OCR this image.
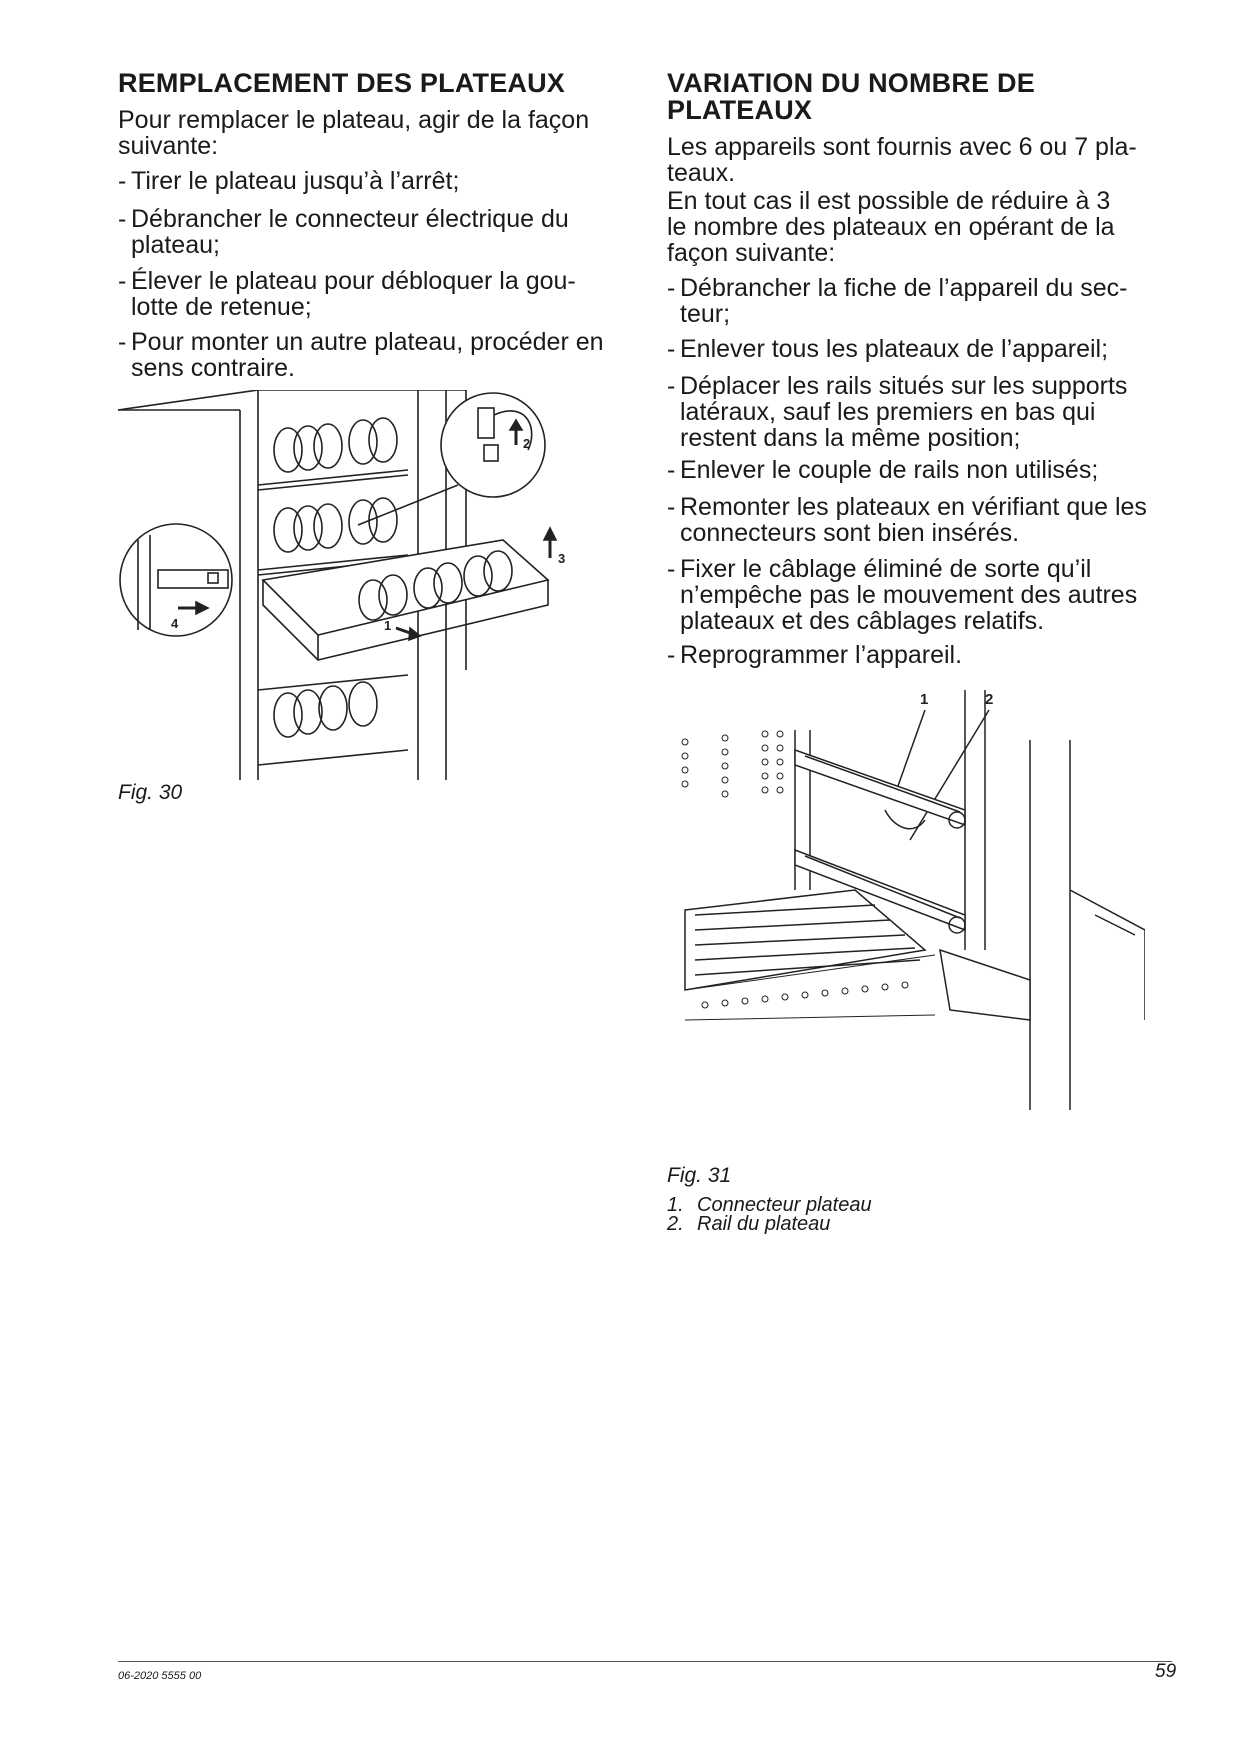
REMPLACEMENT DES PLATEAUX
Pour remplacer le plateau, agir de la façon
suivante:
- Tirer le plateau jusqu’à l’arrêt;
- Débrancher le connecteur électrique du
plateau;
- Élever le plateau pour débloquer la gou-
lotte de retenue;
- Pour monter un autre plateau, procéder en
sens contraire.
2
3
1
4
Fig. 30
VARIATION DU NOMBRE DE
PLATEAUX
Les appareils sont fournis avec 6 ou 7 pla-
teaux.
En tout cas il est possible de réduire à 3
le nombre des plateaux en opérant de la
façon suivante:
- Débrancher la fiche de l’appareil du sec-
teur;
- Enlever tous les plateaux de l’appareil;
- Déplacer les rails situés sur les supports
latéraux, sauf les premiers en bas qui
restent dans la même position;
- Enlever le couple de rails non utilisés;
- Remonter les plateaux en vérifiant que les
connecteurs sont bien insérés.
- Fixer le câblage éliminé de sorte qu’il
n’empêche pas le mouvement des autres
plateaux et des câblages relatifs.
- Reprogrammer l’appareil.
1	2
Fig. 31
1. Connecteur plateau
2. Rail du plateau
06-2020 5555 00	59
